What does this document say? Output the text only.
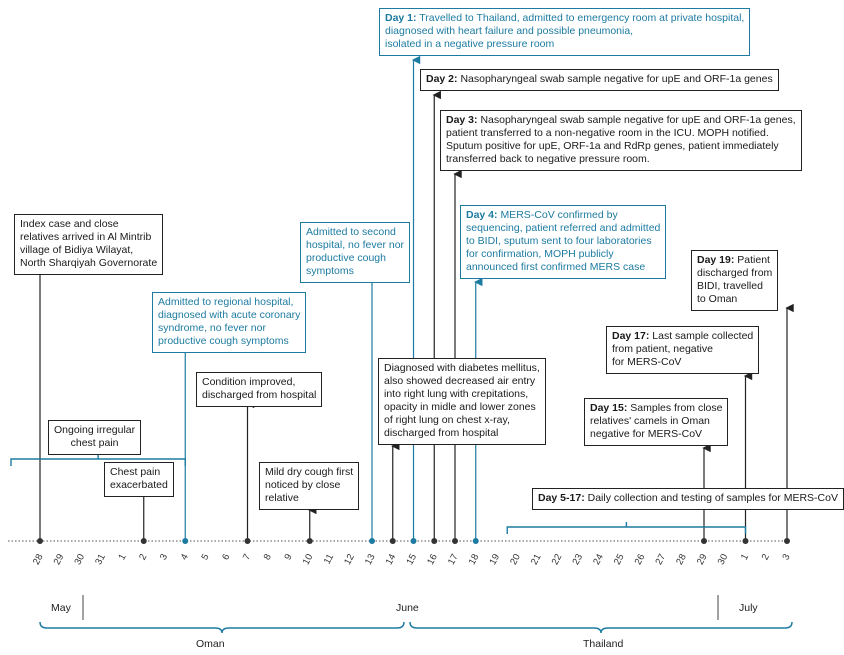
28 29 30 31 1 2 3 4 5 6 7 8 9 10 11 12 13 14 15 16 17 18 19 20 21 22 23 24 25 26 27 28 29 30 1 2 3
Index case and close
relatives arrived in Al Mintrib
village of Bidiya Wilayat,
North Sharqiyah Governorate
Chest pain
exacerbated
Admitted to regional hospital,
diagnosed with acute coronary
syndrome, no fever nor
productive cough symptoms
Condition improved,
discharged from hospital
Mild dry cough first
noticed by close
relative
Admitted to second
hospital, no fever nor
productive cough
symptoms
Diagnosed with diabetes mellitus,
also showed decreased air entry
into right lung with crepitations,
opacity in midle and lower zones
of right lung on chest x-ray,
discharged from hospital
Day 1: Travelled to Thailand, admitted to emergency room at private hospital,
diagnosed with heart failure and possible pneumonia,
isolated in a negative pressure room
Day 2: Nasopharyngeal swab sample negative for upE and ORF-1a genes
Day 3: Nasopharyngeal swab sample negative for upE and ORF-1a genes,
patient transferred to a non-negative room in the ICU. MOPH notified.
Sputum positive for upE, ORF-1a and RdRp genes, patient immediately
transferred back to negative pressure room.
Day 4: MERS-CoV confirmed by
sequencing, patient referred and admitted
to BIDI, sputum sent to four laboratories
for confirmation, MOPH publicly
announced first confirmed MERS case
Day 15: Samples from close
relatives' camels in Oman
negative for MERS-CoV
Day 17: Last sample collected
from patient, negative
for MERS-CoV
Day 19: Patient
discharged from
BIDI, travelled
to Oman
Ongoing irregular
chest pain
Day 5-17: Daily collection and testing of samples for MERS-CoV
May	June	July
Oman	Thailand
